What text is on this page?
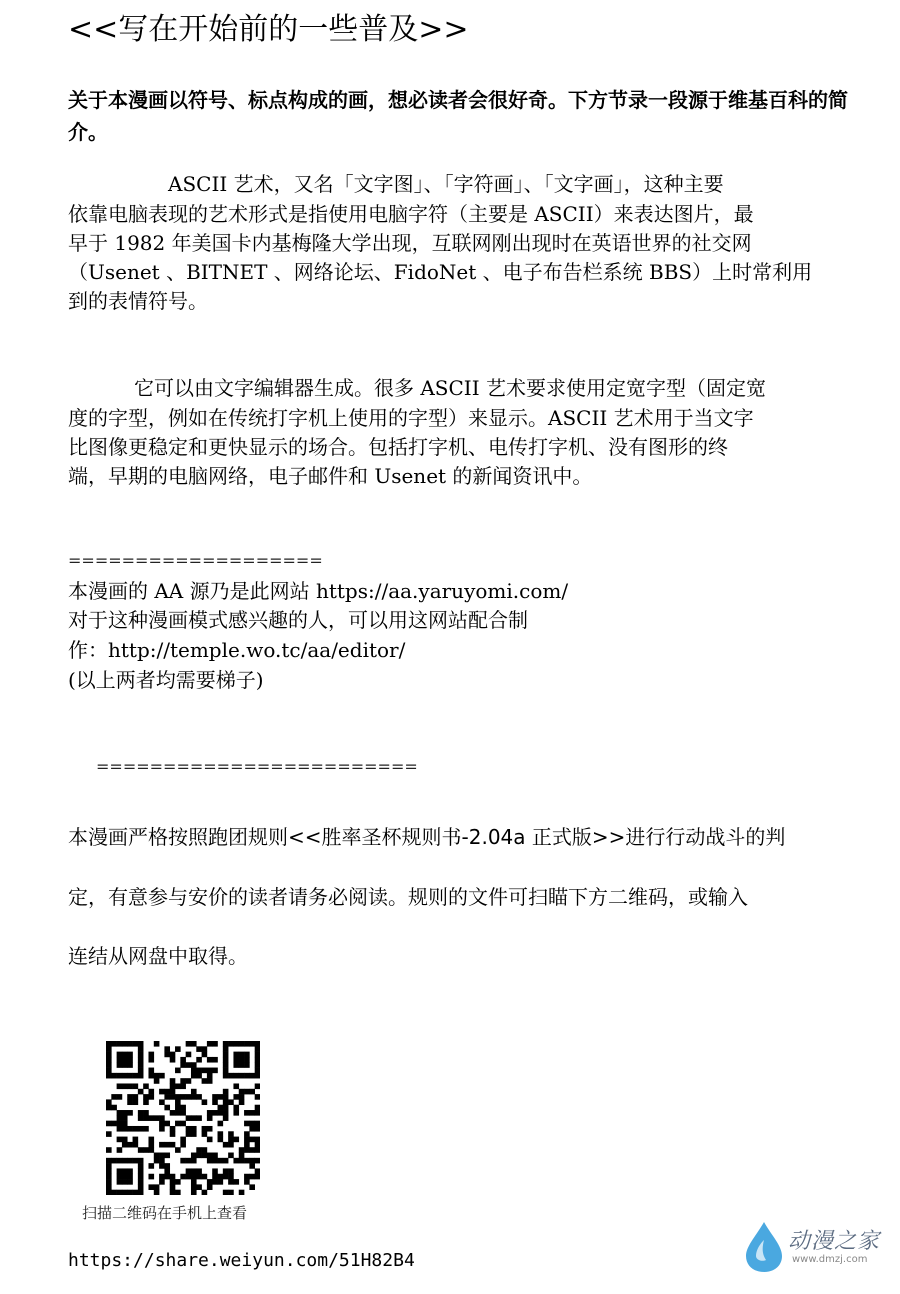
<<写在开始前的一些普及>>
关于本漫画以符号、标点构成的画，想必读者会很好奇。下方节录一段源于维基百科的简介。
ASCII 艺术，又名「文字图」、「字符画」、「文字画」，这种主要
依靠电脑表现的艺术形式是指使用电脑字符（主要是 ASCII）来表达图片，最
早于 1982 年美国卡内基梅隆大学出现，互联网刚出现时在英语世界的社交网
（Usenet 、BITNET 、网络论坛、FidoNet 、电子布告栏系统 BBS）上时常利用
到的表情符号。
它可以由文字编辑器生成。很多 ASCII 艺术要求使用定宽字型（固定宽
度的字型，例如在传统打字机上使用的字型）来显示。ASCII 艺术用于当文字
比图像更稳定和更快显示的场合。包括打字机、电传打字机、没有图形的终
端，早期的电脑网络，电子邮件和 Usenet 的新闻资讯中。
===================
本漫画的 AA 源乃是此网站 https://aa.yaruyomi.com/
对于这种漫画模式感兴趣的人，可以用这网站配合制
作：http://temple.wo.tc/aa/editor/
(以上两者均需要梯子)
========================
本漫画严格按照跑团规则<<胜率圣杯规则书-2.04a 正式版>>进行行动战斗的判
定，有意参与安价的读者请务必阅读。规则的文件可扫瞄下方二维码，或输入
连结从网盘中取得。

扫描二维码在手机上查看
https://share.weiyun.com/51H82B4

动漫之家

www.dmzj.com
